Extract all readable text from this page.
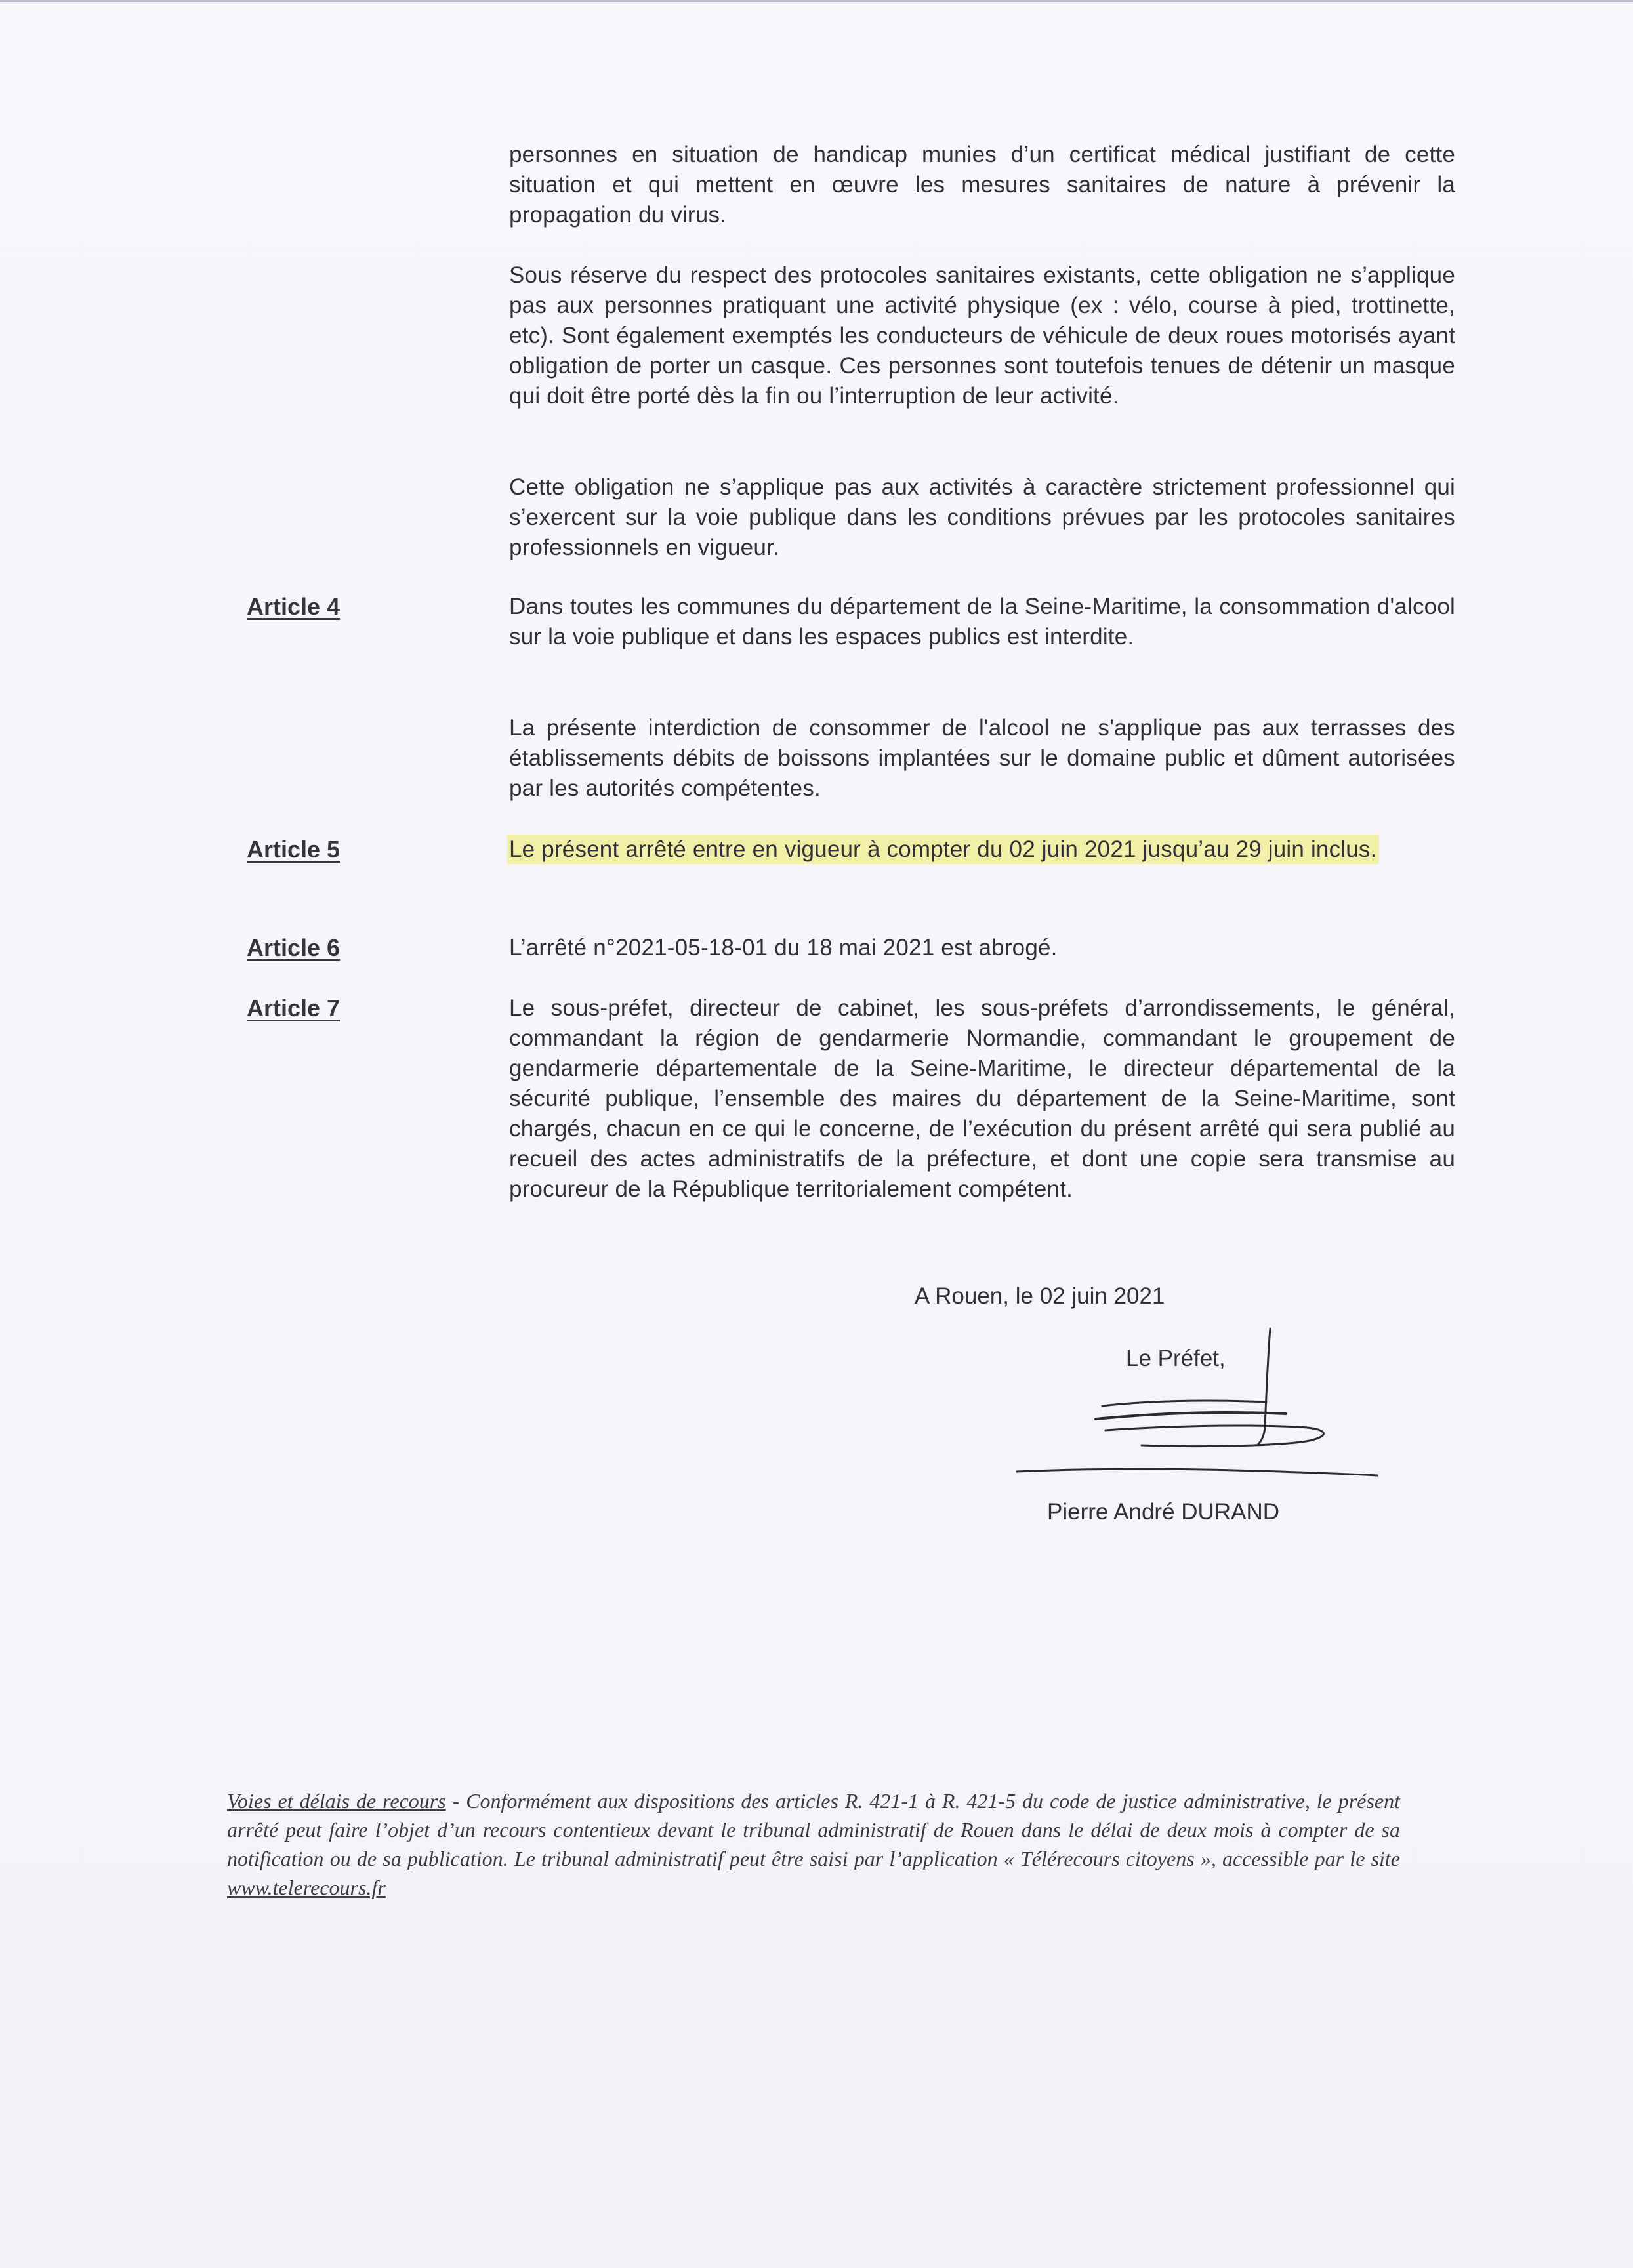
personnes en situation de handicap munies d’un certificat médical justifiant de cette situation et qui mettent en œuvre les mesures sanitaires de nature à prévenir la propagation du virus.

Sous réserve du respect des protocoles sanitaires existants, cette obligation ne s’applique pas aux personnes pratiquant une activité physique (ex : vélo, course à pied, trottinette, etc). Sont également exemptés les conducteurs de véhicule de deux roues motorisés ayant obligation de porter un casque. Ces personnes sont toutefois tenues de détenir un masque qui doit être porté dès la fin ou l’interruption de leur activité.

Cette obligation ne s’applique pas aux activités à caractère strictement professionnel qui s’exercent sur la voie publique dans les conditions prévues par les protocoles sanitaires professionnels en vigueur.

Article 4	Dans toutes les communes du département de la Seine-Maritime, la consommation d'alcool sur la voie publique et dans les espaces publics est interdite.

La présente interdiction de consommer de l'alcool ne s'applique pas aux terrasses des établissements débits de boissons implantées sur le domaine public et dûment autorisées par les autorités compétentes.

Article 5	Le présent arrêté entre en vigueur à compter du 02 juin 2021 jusqu’au 29 juin inclus.

Article 6	L’arrêté n°2021-05-18-01 du 18 mai 2021 est abrogé.

Article 7	Le sous-préfet, directeur de cabinet, les sous-préfets d’arrondissements, le général, commandant la région de gendarmerie Normandie, commandant le groupement de gendarmerie départementale de la Seine-Maritime, le directeur départemental de la sécurité publique, l’ensemble des maires du département de la Seine-Maritime, sont chargés, chacun en ce qui le concerne, de l’exécution du présent arrêté qui sera publié au recueil des actes administratifs de la préfecture, et dont une copie sera transmise au procureur de la République territorialement compétent.

A Rouen, le 02 juin 2021

Le Préfet,

Pierre André DURAND

Voies et délais de recours - Conformément aux dispositions des articles R. 421-1 à R. 421-5 du code de justice administrative, le présent arrêté peut faire l’objet d’un recours contentieux devant le tribunal administratif de Rouen dans le délai de deux mois à compter de sa notification ou de sa publication. Le tribunal administratif peut être saisi par l’application « Télérecours citoyens », accessible par le site www.telerecours.fr
